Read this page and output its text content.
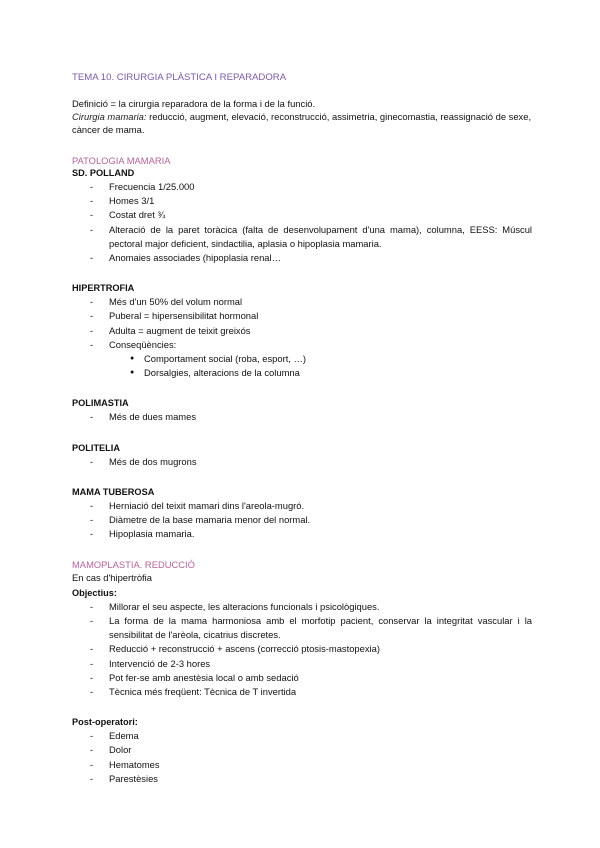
TEMA 10. CIRURGIA PLÀSTICA I REPARADORA

Definició = la cirurgia reparadora de la forma i de la funció.

Cirurgia mamaria: reducció, augment, elevació, reconstrucció, assimetria, ginecomastia, reassignació de sexe, càncer de mama.

PATOLOGIA MAMARIA
SD. POLLAND
- Frecuencia 1/25.000
- Homes 3/1
- Costat dret ¾
- Alteració de la paret toràcica (falta de desenvolupament d'una mama), columna, EESS: Múscul pectoral major deficient, sindactilia, aplasia o hipoplasia mamaria.
- Anomaies associades (hipoplasia renal…
HIPERTROFIA
- Més d'un 50% del volum normal
- Puberal = hipersensibilitat hormonal
- Adulta = augment de teixit greixós
- Conseqüències:
● Comportament social (roba, esport, …)
● Dorsalgies, alteracions de la columna
POLIMASTIA
- Més de dues mames
POLITELIA
- Més de dos mugrons
MAMA TUBEROSA
- Herniació del teixit mamari dins l'areola-mugró.
- Diàmetre de la base mamaria menor del normal.
- Hipoplasia mamaria.
MAMOPLASTIA. REDUCCIÓ
En cas d'hipertròfia
Objectius:
- Millorar el seu aspecte, les alteracions funcionals i psicològiques.
- La forma de la mama harmoniosa amb el morfotip pacient, conservar la integritat vascular i la sensibilitat de l'arèola, cicatrius discretes.
- Reducció + reconstrucció + ascens (correcció ptosis-mastopexia)
- Intervenció de 2-3 hores
- Pot fer-se amb anestèsia local o amb sedació
- Tècnica més freqüent: Tècnica de T invertida
Post-operatori:
- Edema
- Dolor
- Hematomes
- Parestèsies
